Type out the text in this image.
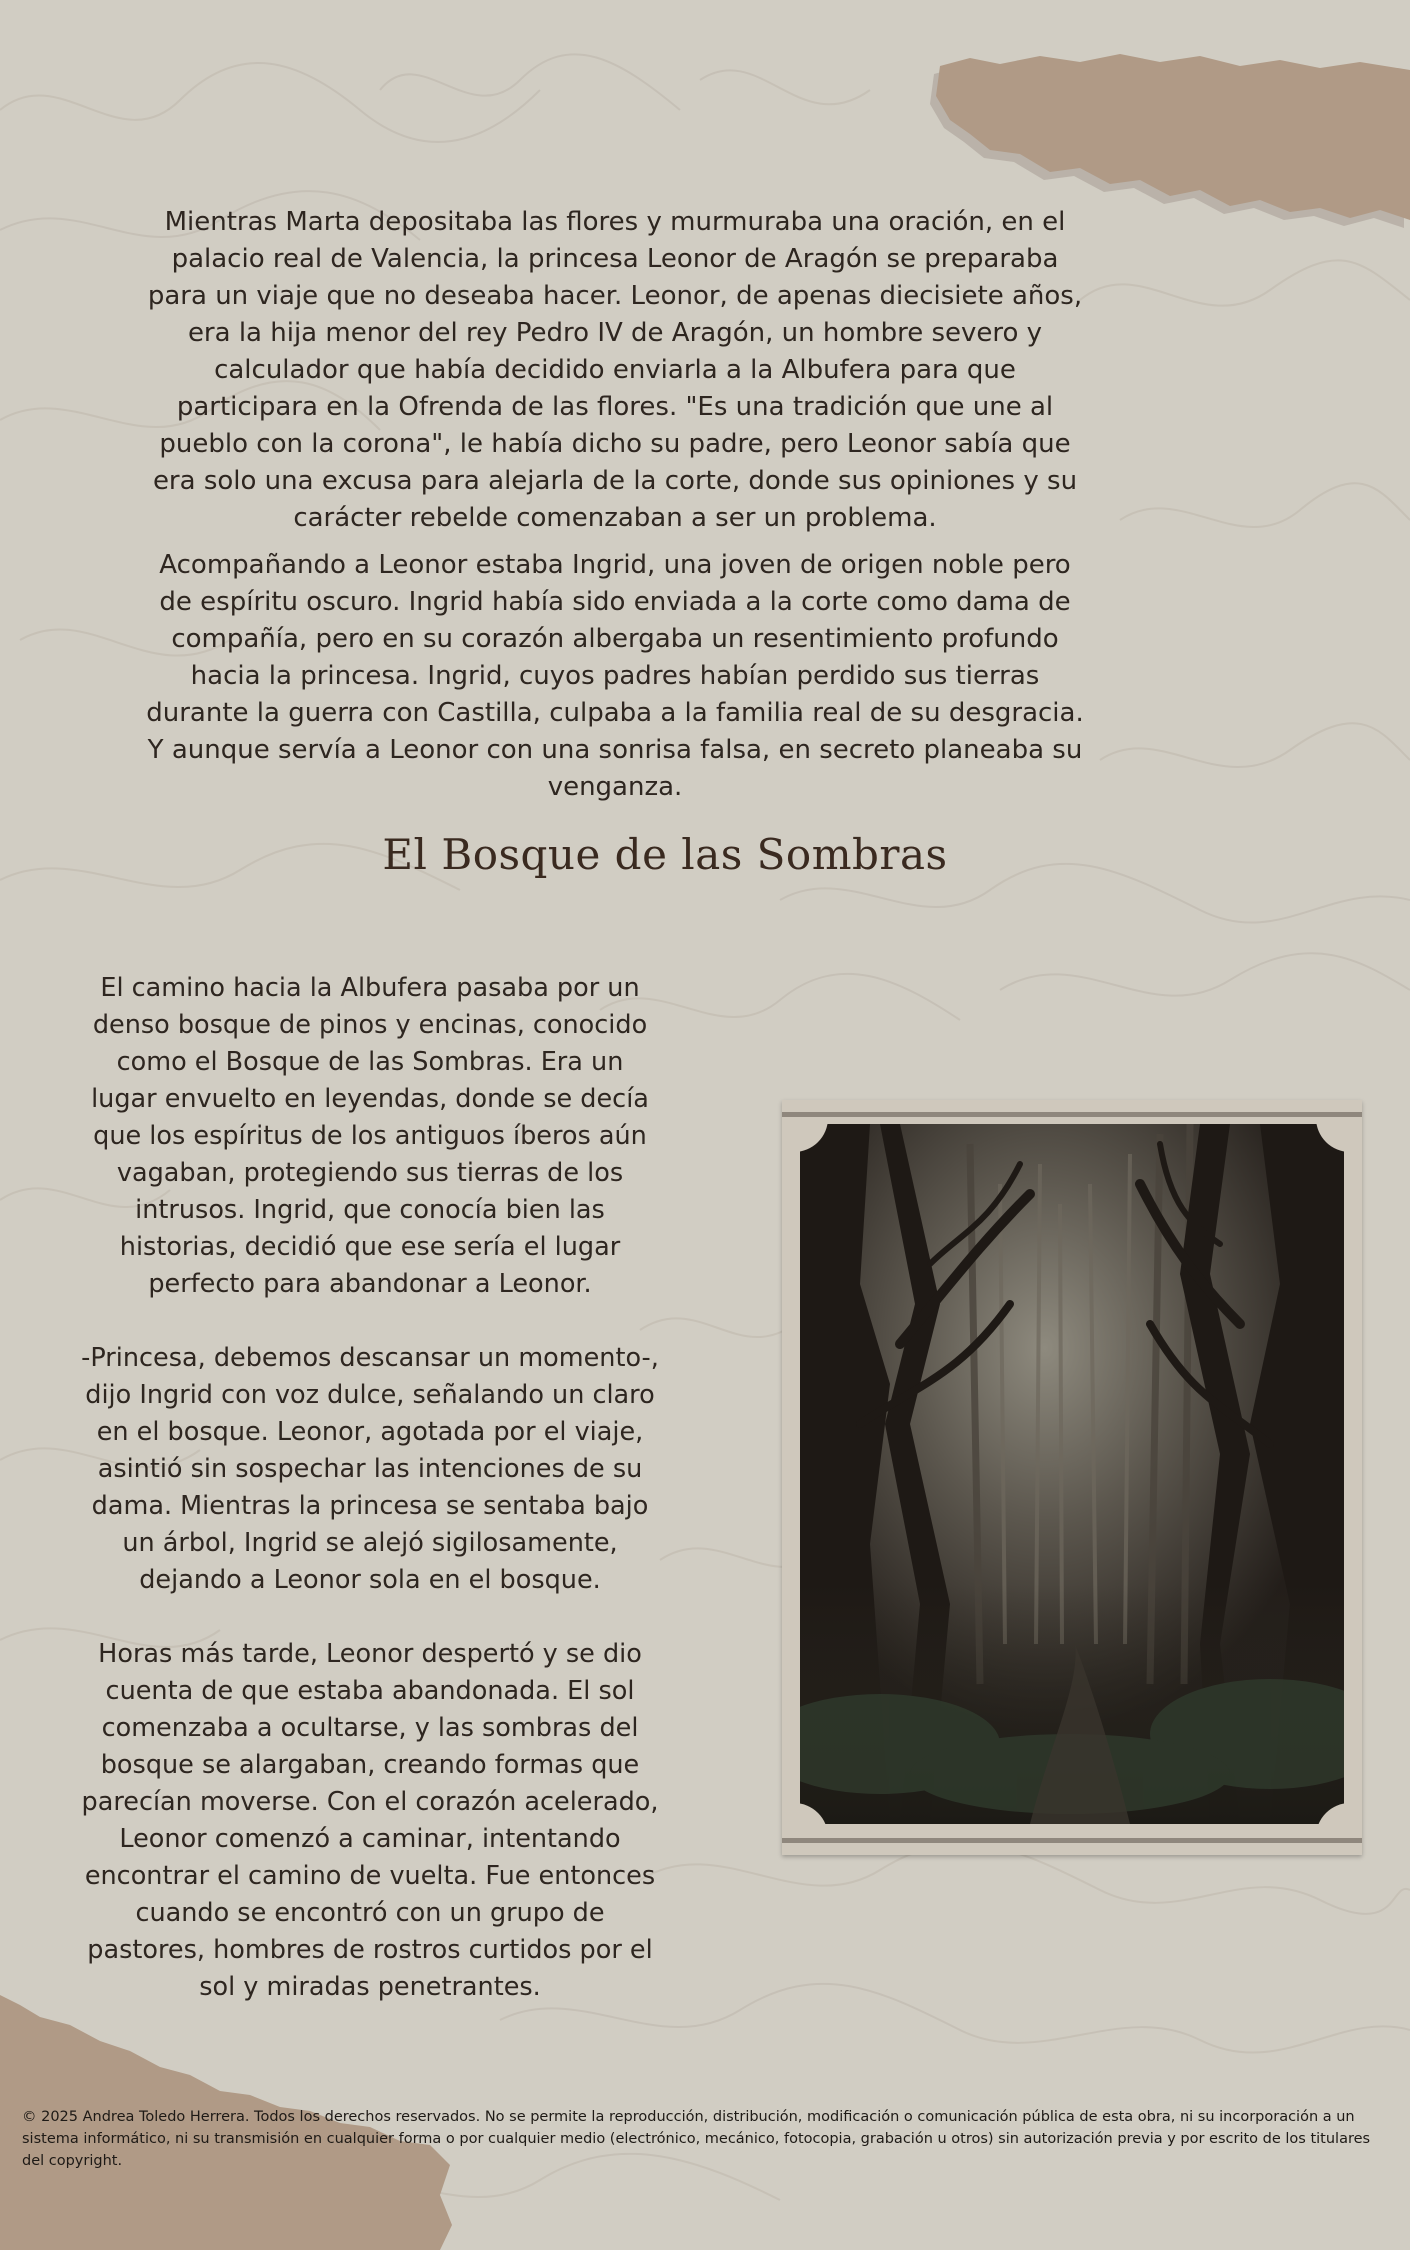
Mientras Marta depositaba las flores y murmuraba una oración, en el palacio real de Valencia, la princesa Leonor de Aragón se preparaba para un viaje que no deseaba hacer. Leonor, de apenas diecisiete años, era la hija menor del rey Pedro IV de Aragón, un hombre severo y calculador que había decidido enviarla a la Albufera para que participara en la Ofrenda de las flores. "Es una tradición que une al pueblo con la corona", le había dicho su padre, pero Leonor sabía que era solo una excusa para alejarla de la corte, donde sus opiniones y su carácter rebelde comenzaban a ser un problema.

Acompañando a Leonor estaba Ingrid, una joven de origen noble pero de espíritu oscuro. Ingrid había sido enviada a la corte como dama de compañía, pero en su corazón albergaba un resentimiento profundo hacia la princesa. Ingrid, cuyos padres habían perdido sus tierras durante la guerra con Castilla, culpaba a la familia real de su desgracia. Y aunque servía a Leonor con una sonrisa falsa, en secreto planeaba su venganza.

El Bosque de las Sombras

El camino hacia la Albufera pasaba por un denso bosque de pinos y encinas, conocido como el Bosque de las Sombras. Era un lugar envuelto en leyendas, donde se decía que los espíritus de los antiguos íberos aún vagaban, protegiendo sus tierras de los intrusos. Ingrid, que conocía bien las historias, decidió que ese sería el lugar perfecto para abandonar a Leonor.

-Princesa, debemos descansar un momento-, dijo Ingrid con voz dulce, señalando un claro en el bosque. Leonor, agotada por el viaje, asintió sin sospechar las intenciones de su dama. Mientras la princesa se sentaba bajo un árbol, Ingrid se alejó sigilosamente, dejando a Leonor sola en el bosque.

Horas más tarde, Leonor despertó y se dio cuenta de que estaba abandonada. El sol comenzaba a ocultarse, y las sombras del bosque se alargaban, creando formas que parecían moverse. Con el corazón acelerado, Leonor comenzó a caminar, intentando encontrar el camino de vuelta. Fue entonces cuando se encontró con un grupo de pastores, hombres de rostros curtidos por el sol y miradas penetrantes.

© 2025 Andrea Toledo Herrera. Todos los derechos reservados. No se permite la reproducción, distribución, modificación o comunicación pública de esta obra, ni su incorporación a un sistema informático, ni su transmisión en cualquier forma o por cualquier medio (electrónico, mecánico, fotocopia, grabación u otros) sin autorización previa y por escrito de los titulares del copyright.
